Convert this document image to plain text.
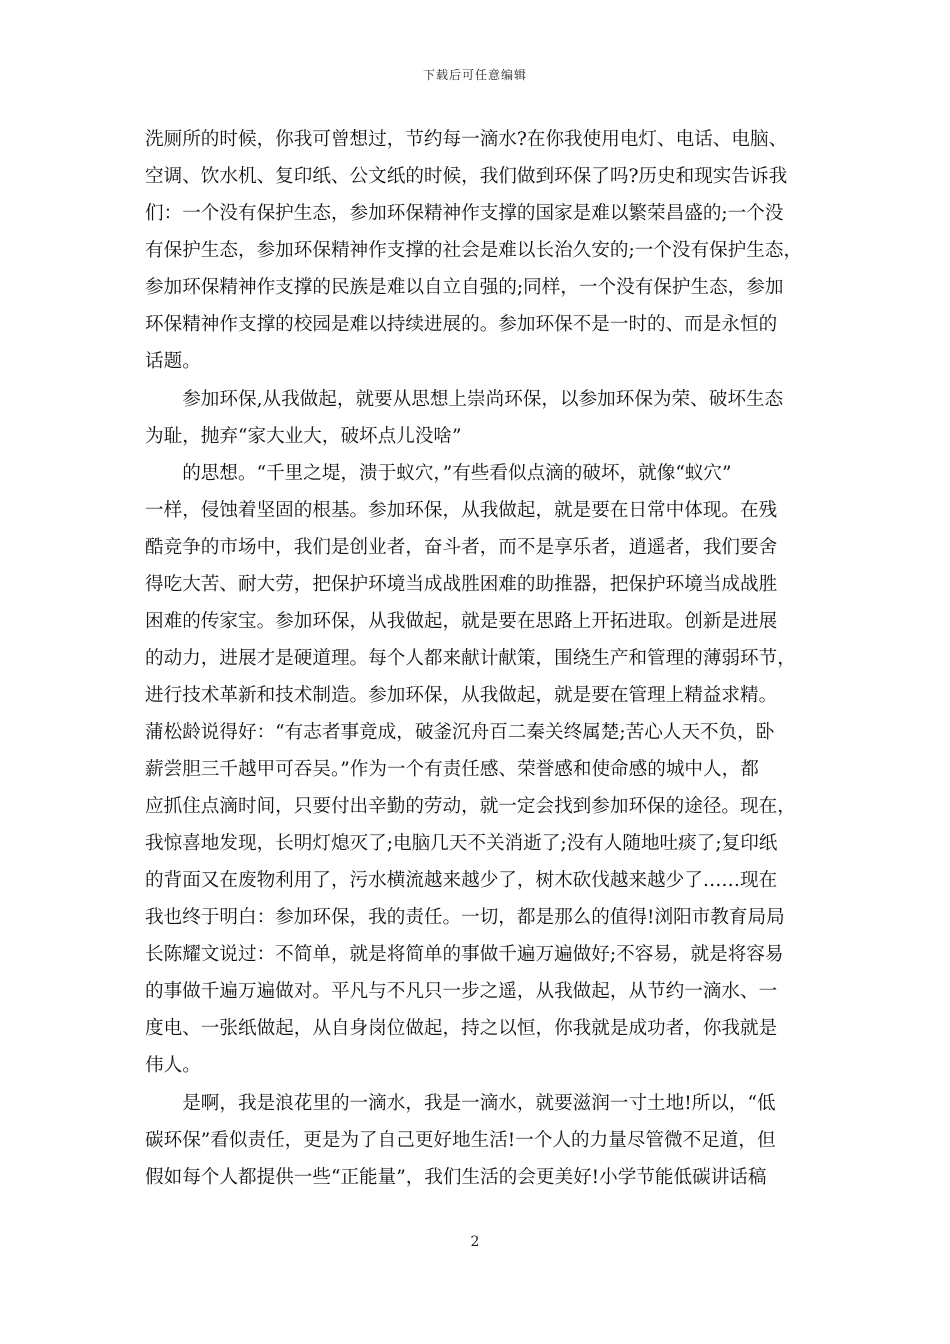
下载后可任意编辑
洗厕所的时候，你我可曾想过，节约每一滴水?在你我使用电灯、电话、电脑、
空调、饮水机、复印纸、公文纸的时候，我们做到环保了吗?历史和现实告诉我
们：一个没有保护生态，参加环保精神作支撑的国家是难以繁荣昌盛的;一个没
有保护生态，参加环保精神作支撑的社会是难以长治久安的;一个没有保护生态，
参加环保精神作支撑的民族是难以自立自强的;同样，一个没有保护生态，参加
环保精神作支撑的校园是难以持续进展的。参加环保不是一时的、而是永恒的
话题。
　　参加环保,从我做起，就要从思想上崇尚环保，以参加环保为荣、破坏生态
为耻，抛弃“家大业大，破坏点儿没啥”
　　的思想。“千里之堤，溃于蚁穴，”有些看似点滴的破坏，就像“蚁穴”
一样，侵蚀着坚固的根基。参加环保，从我做起，就是要在日常中体现。在残
酷竞争的市场中，我们是创业者，奋斗者，而不是享乐者，逍遥者，我们要舍
得吃大苦、耐大劳，把保护环境当成战胜困难的助推器，把保护环境当成战胜
困难的传家宝。参加环保，从我做起，就是要在思路上开拓进取。创新是进展
的动力，进展才是硬道理。每个人都来献计献策，围绕生产和管理的薄弱环节，
进行技术革新和技术制造。参加环保，从我做起，就是要在管理上精益求精。
蒲松龄说得好：“有志者事竟成，破釜沉舟百二秦关终属楚;苦心人天不负，卧
薪尝胆三千越甲可吞吴。”作为一个有责任感、荣誉感和使命感的城中人，都
应抓住点滴时间，只要付出辛勤的劳动，就一定会找到参加环保的途径。现在，
我惊喜地发现，长明灯熄灭了;电脑几天不关消逝了;没有人随地吐痰了;复印纸
的背面又在废物利用了，污水横流越来越少了，树木砍伐越来越少了……现在
我也终于明白：参加环保，我的责任。一切，都是那么的值得!浏阳市教育局局
长陈耀文说过：不简单，就是将简单的事做千遍万遍做好;不容易，就是将容易
的事做千遍万遍做对。平凡与不凡只一步之遥，从我做起，从节约一滴水、一
度电、一张纸做起，从自身岗位做起，持之以恒，你我就是成功者，你我就是
伟人。
　　是啊，我是浪花里的一滴水，我是一滴水，就要滋润一寸土地!所以，“低
碳环保”看似责任，更是为了自己更好地生活!一个人的力量尽管微不足道，但
假如每个人都提供一些“正能量”，我们生活的会更美好!小学节能低碳讲话稿
2
